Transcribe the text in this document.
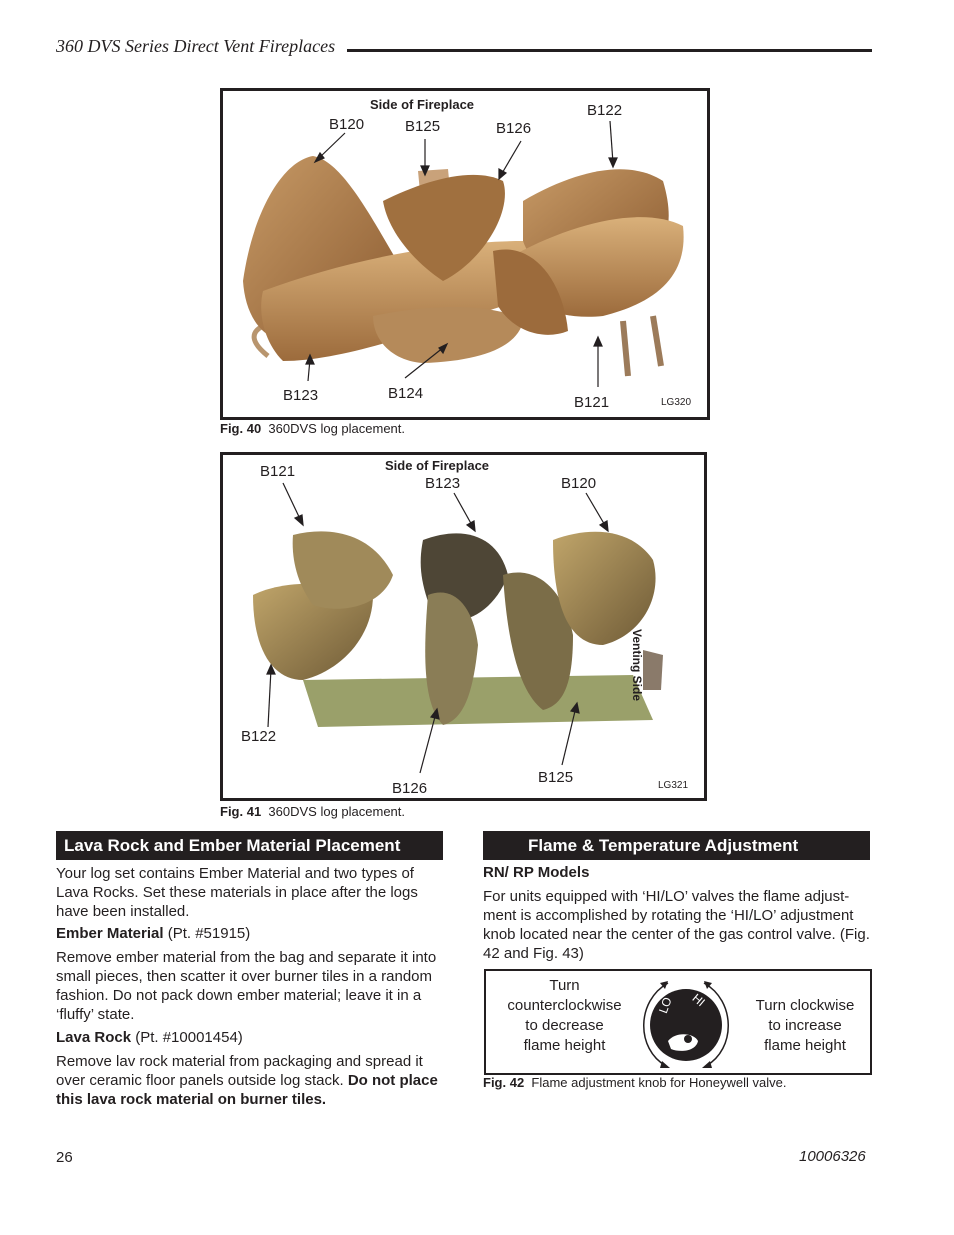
360 DVS Series Direct Vent Fireplaces
Side of Fireplace
B120	B125	B126
B122
B123	B124
B121	LG320
Fig. 40 360DVS log placement.
Side of Fireplace
B121
B123	B120
B122
B126
B125	LG321
Venting Side
Fig. 41 360DVS log placement.
Lava Rock and Ember Material Placement
Your log set contains Ember Material and two types of Lava Rocks. Set these materials in place after the logs have been installed.
Ember Material (Pt. #51915)
Remove ember material from the bag and separate it into small pieces, then scatter it over burner tiles in a random fashion. Do not pack down ember material; leave it in a ‘fluffy’ state.
Lava Rock (Pt. #10001454)
Remove lav rock material from packaging and spread it over ceramic floor panels outside log stack. Do not place this lava rock material on burner tiles.
Flame & Temperature Adjustment
RN/ RP Models
For units equipped with ‘HI/LO’ valves the flame adjust-ment is accomplished by rotating the ‘HI/LO’ adjustment knob located near the center of the gas control valve. (Fig. 42 and Fig. 43)
Turn
counterclockwise
to decrease
flame height
LO HI	Turn clockwise
to increase
flame height
Fig. 42 Flame adjustment knob for Honeywell valve.
26	10006326
